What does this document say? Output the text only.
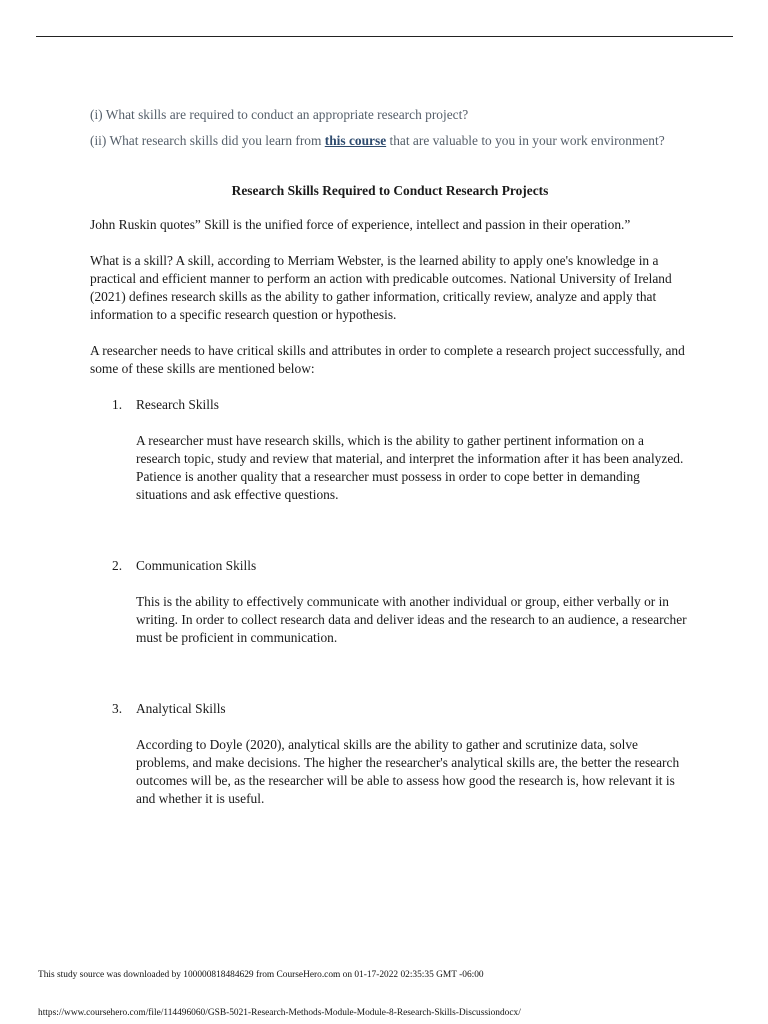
(i) What skills are required to conduct an appropriate research project?

(ii) What research skills did you learn from this course that are valuable to you in your work environment?

Research Skills Required to Conduct Research Projects

John Ruskin quotes” Skill is the unified force of experience, intellect and passion in their operation.”

What is a skill? A skill, according to Merriam Webster, is the learned ability to apply one's knowledge in a practical and efficient manner to perform an action with predicable outcomes. National University of Ireland (2021) defines research skills as the ability to gather information, critically review, analyze and apply that information to a specific research question or hypothesis.

A researcher needs to have critical skills and attributes in order to complete a research project successfully, and some of these skills are mentioned below:

1. Research Skills

A researcher must have research skills, which is the ability to gather pertinent information on a research topic, study and review that material, and interpret the information after it has been analyzed. Patience is another quality that a researcher must possess in order to cope better in demanding situations and ask effective questions.

2. Communication Skills

This is the ability to effectively communicate with another individual or group, either verbally or in writing. In order to collect research data and deliver ideas and the research to an audience, a researcher must be proficient in communication.

3. Analytical Skills

According to Doyle (2020), analytical skills are the ability to gather and scrutinize data, solve problems, and make decisions. The higher the researcher's analytical skills are, the better the research outcomes will be, as the researcher will be able to assess how good the research is, how relevant it is and whether it is useful.

This study source was downloaded by 100000818484629 from CourseHero.com on 01-17-2022 02:35:35 GMT -06:00
https://www.coursehero.com/file/114496060/GSB-5021-Research-Methods-Module-Module-8-Research-Skills-Discussiondocx/
